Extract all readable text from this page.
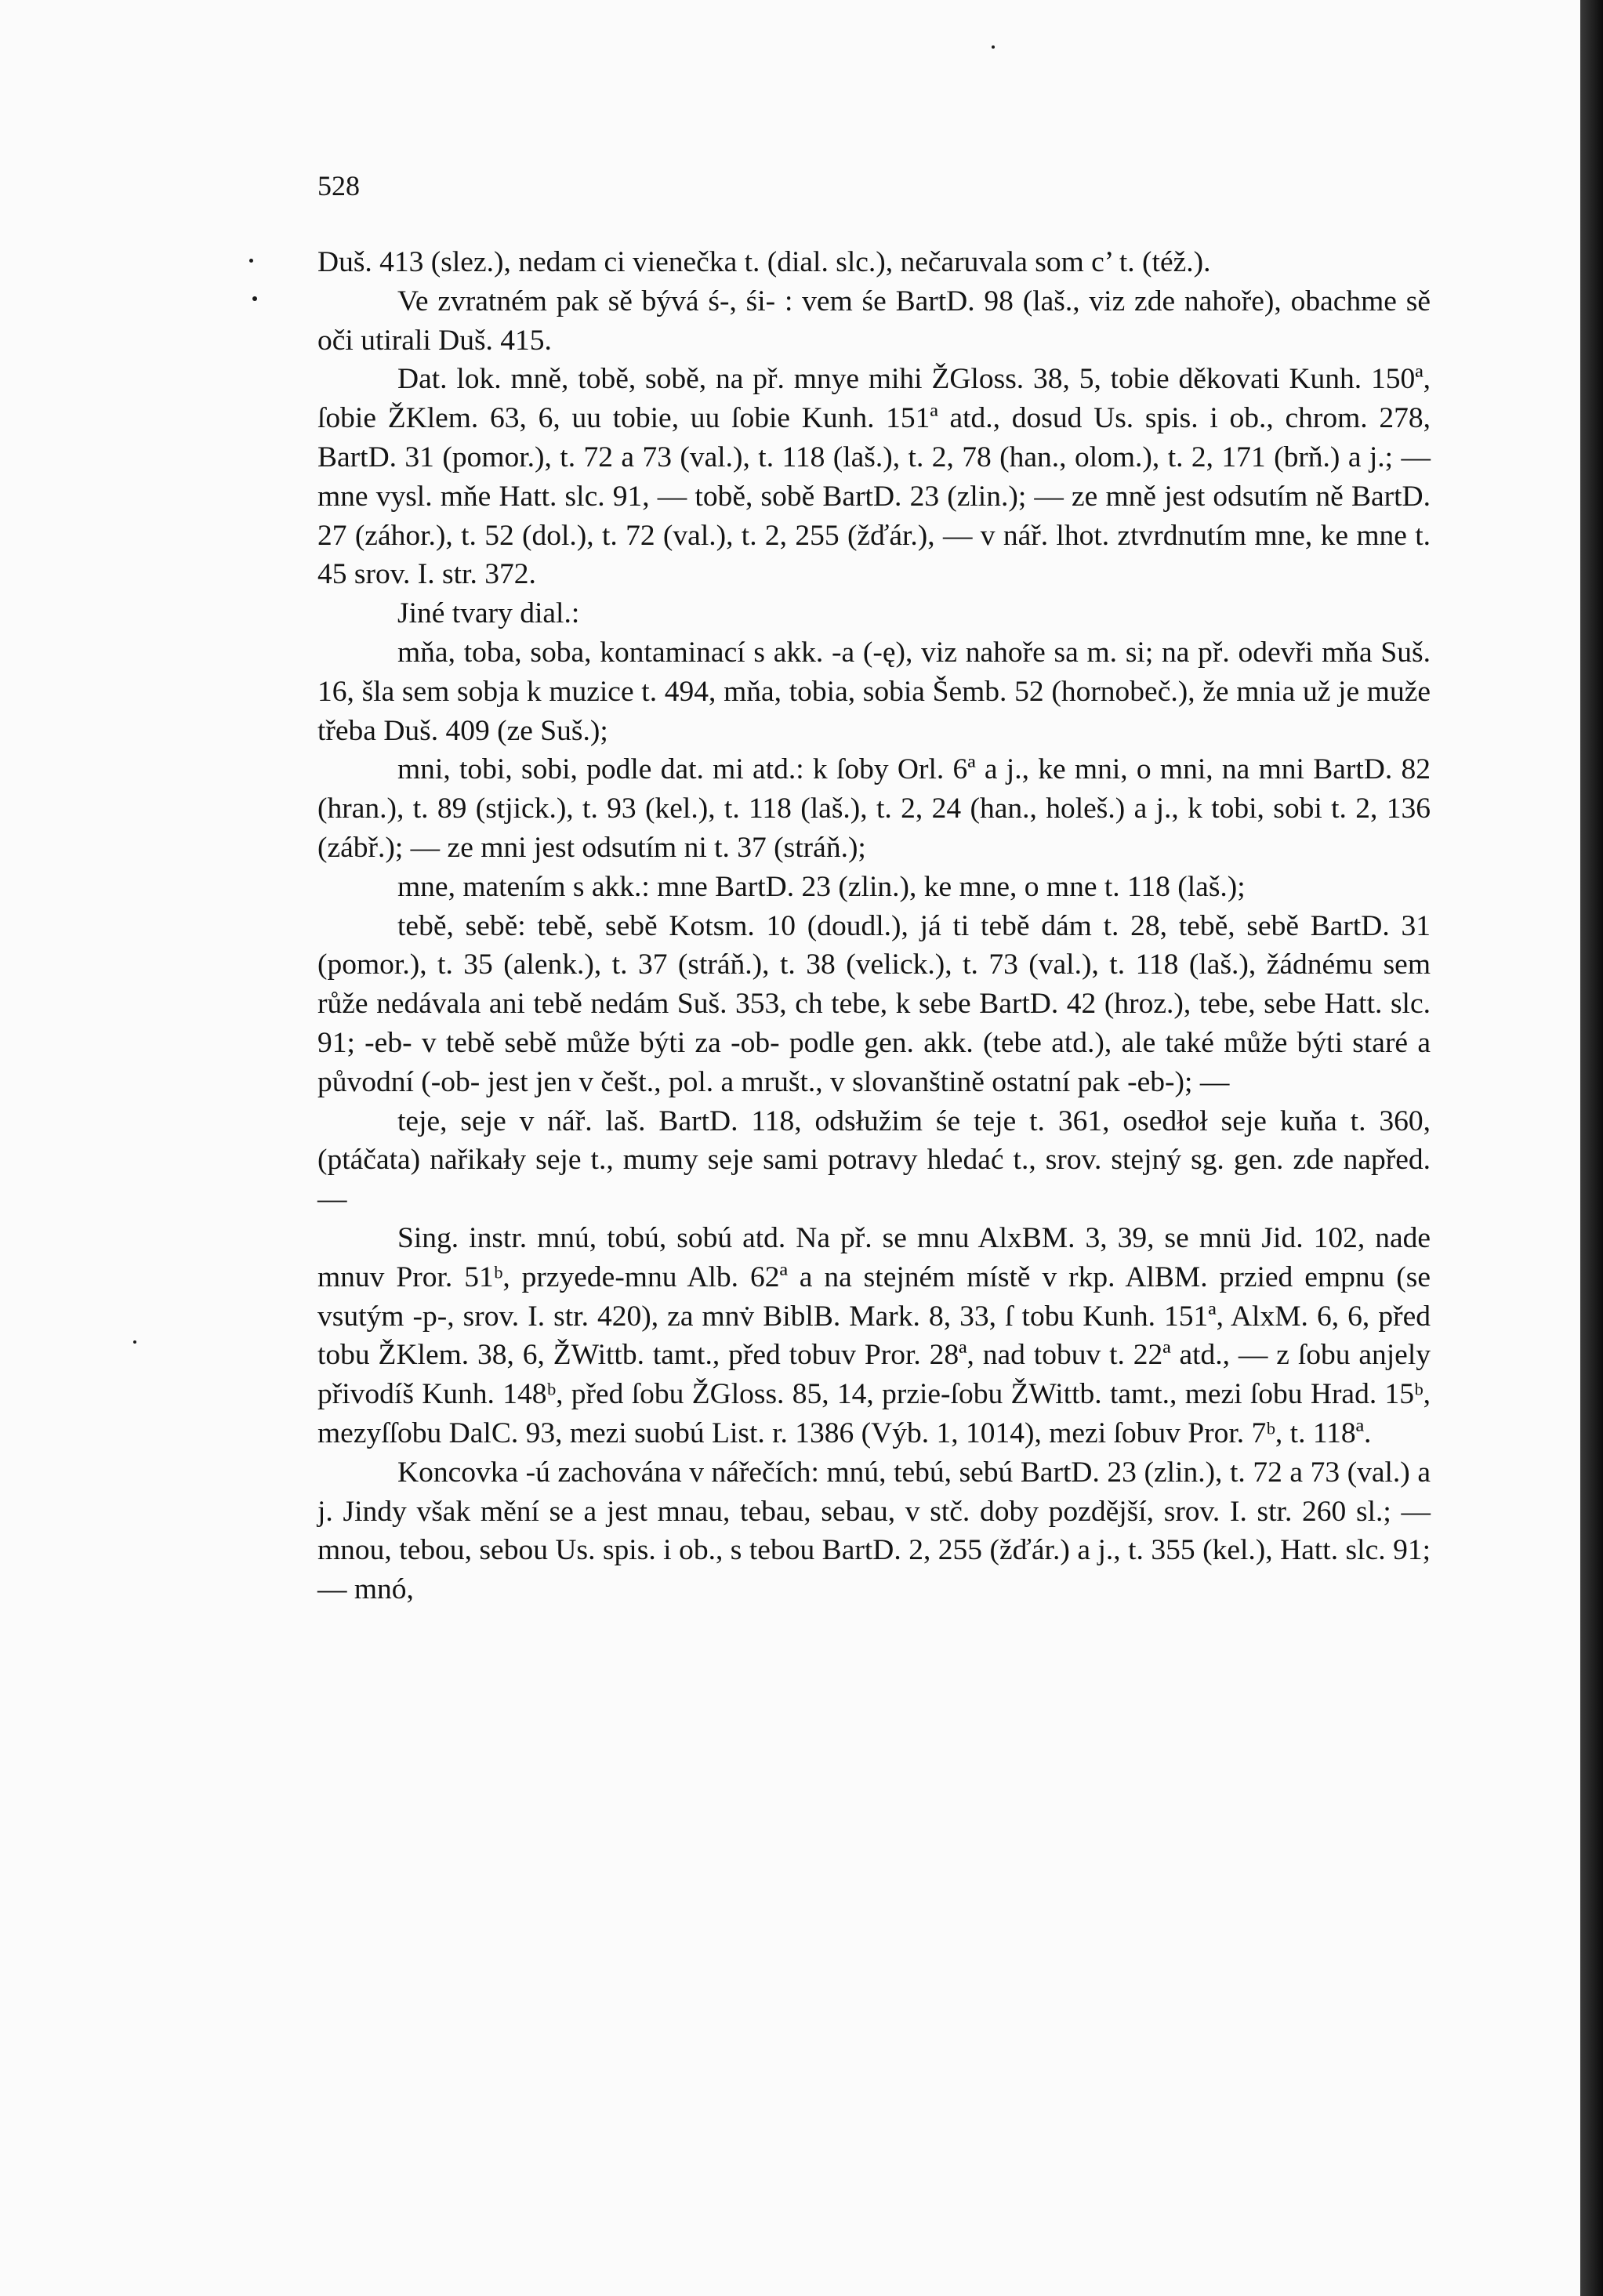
528

Duš. 413 (slez.), nedam ci vienečka t. (dial. slc.), nečaruvala som c’ t. (též.).

Ve zvratném pak sě bývá ś-, śi- : vem śe BartD. 98 (laš., viz zde nahoře), obachme sě oči utirali Duš. 415.

Dat. lok. mně, tobě, sobě, na př. mnye mihi ŽGloss. 38, 5, tobie děkovati Kunh. 150ª, ſobie ŽKlem. 63, 6, uu tobie, uu ſobie Kunh. 151ª atd., dosud Us. spis. i ob., chrom. 278, BartD. 31 (pomor.), t. 72 a 73 (val.), t. 118 (laš.), t. 2, 78 (han., olom.), t. 2, 171 (brň.) a j.; — mne vysl. mňe Hatt. slc. 91, — tobě, sobě BartD. 23 (zlin.); — ze mně jest odsutím ně BartD. 27 (záhor.), t. 52 (dol.), t. 72 (val.), t. 2, 255 (žďár.), — v nář. lhot. ztvrdnutím mne, ke mne t. 45 srov. I. str. 372.

Jiné tvary dial.:

mňa, toba, soba, kontaminací s akk. -a (-ę), viz nahoře sa m. si; na př. odevři mňa Suš. 16, šla sem sobja k muzice t. 494, mňa, tobia, sobia Šemb. 52 (hornobeč.), že mnia už je muže třeba Duš. 409 (ze Suš.);

mni, tobi, sobi, podle dat. mi atd.: k ſoby Orl. 6ª a j., ke mni, o mni, na mni BartD. 82 (hran.), t. 89 (stjick.), t. 93 (kel.), t. 118 (laš.), t. 2, 24 (han., holeš.) a j., k tobi, sobi t. 2, 136 (zábř.); — ze mni jest odsutím ni t. 37 (stráň.);

mne, matením s akk.: mne BartD. 23 (zlin.), ke mne, o mne t. 118 (laš.);

tebě, sebě: tebě, sebě Kotsm. 10 (doudl.), já ti tebě dám t. 28, tebě, sebě BartD. 31 (pomor.), t. 35 (alenk.), t. 37 (stráň.), t. 38 (velick.), t. 73 (val.), t. 118 (laš.), žádnému sem růže nedávala ani tebě nedám Suš. 353, ch tebe, k sebe BartD. 42 (hroz.), tebe, sebe Hatt. slc. 91; -eb- v tebě sebě může býti za -ob- podle gen. akk. (tebe atd.), ale také může býti staré a původní (-ob- jest jen v češt., pol. a mrušt., v slovanštině ostatní pak -eb-); —

teje, seje v nář. laš. BartD. 118, odsłužim śe teje t. 361, osedłoł seje kuňa t. 360, (ptáčata) nařikały seje t., mumy seje sami potravy hledać t., srov. stejný sg. gen. zde napřed. —

Sing. instr. mnú, tobú, sobú atd. Na př. se mnu AlxBM. 3, 39, se mnü Jid. 102, nade mnuv Pror. 51ᵇ, przyede-mnu Alb. 62ª a na stejném místě v rkp. AlBM. przied empnu (se vsutým -p-, srov. I. str. 420), za mnv̇ BiblB. Mark. 8, 33, ſ tobu Kunh. 151ª, AlxM. 6, 6, před tobu ŽKlem. 38, 6, ŽWittb. tamt., před tobuv Pror. 28ª, nad tobuv t. 22ª atd., — z ſobu anjely přivodíš Kunh. 148ᵇ, před ſobu ŽGloss. 85, 14, przie-ſobu ŽWittb. tamt., mezi ſobu Hrad. 15ᵇ, mezyſſobu DalC. 93, mezi suobú List. r. 1386 (Výb. 1, 1014), mezi ſobuv Pror. 7ᵇ, t. 118ª.

Koncovka -ú zachována v nářečích: mnú, tebú, sebú BartD. 23 (zlin.), t. 72 a 73 (val.) a j. Jindy však mění se a jest mnau, tebau, sebau, v stč. doby pozdější, srov. I. str. 260 sl.; — mnou, tebou, sebou Us. spis. i ob., s tebou BartD. 2, 255 (žďár.) a j., t. 355 (kel.), Hatt. slc. 91; — mnó,
